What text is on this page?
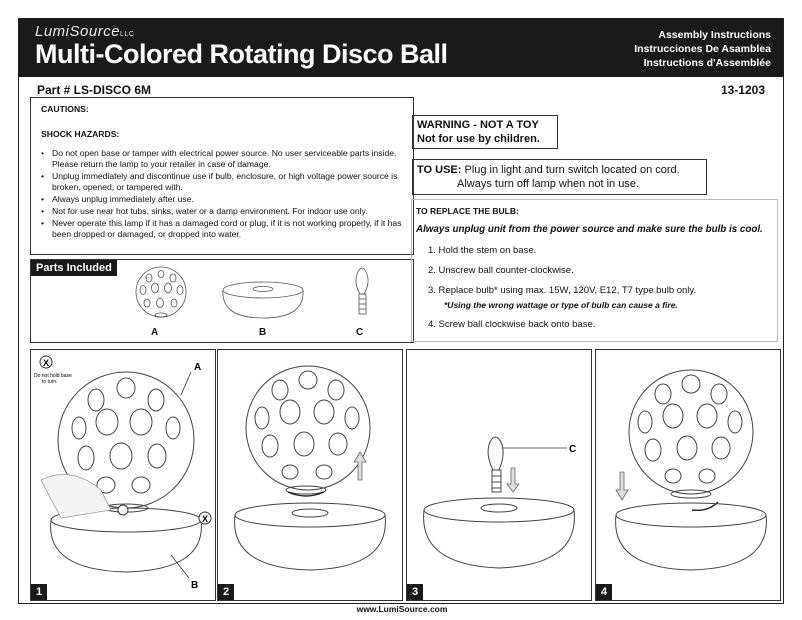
LumiSourceLLC
Multi-Colored Rotating Disco Ball
Assembly Instructions
Instrucciones De Asamblea
Instructions d'Assemblée
Part # LS-DISCO 6M	13-1203
CAUTIONS:
SHOCK HAZARDS:
• Do not open base or tamper with electrical power source. No user serviceable parts inside. Please return the lamp to your retailer in case of damage.
• Unplug immediately and discontinue use if bulb, enclosure, or high voltage power source is broken, opened, or tampered with.
• Always unplug immediately after use.
• Not for use near hot tubs, sinks, water or a damp environment. For indoor use only.
• Never operate this lamp if it has a damaged cord or plug, if it is not working properly, if it has been dropped or damaged, or dropped into water.
Parts Included
A	B	C
WARNING - NOT A TOY
Not for use by children.
TO USE: Plug in light and turn switch located on cord.
Always turn off lamp when not in use.
TO REPLACE THE BULB:
Always unplug unit from the power source and make sure the bulb is cool.
1. Hold the stem on base.
2. Unscrew ball counter-clockwise.
3. Replace bulb* using max. 15W, 120V, E12, T7 type bulb only.
*Using the wrong wattage or type of bulb can cause a fire.
4. Screw ball clockwise back onto base.
X
Do not hold base
to turn.
X
A
B
1	2
C
3	4
www.LumiSource.com
